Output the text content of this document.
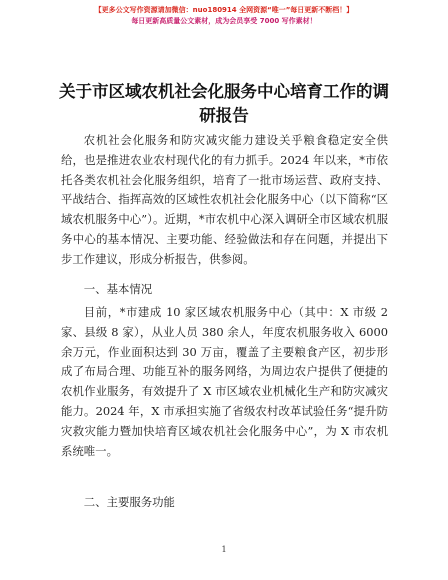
【更多公文写作资源请加微信：nuo180914 全网资源“唯一”每日更新不断档！】
每日更新高质量公文素材，成为会员享受 7000 写作素材！
关于市区域农机社会化服务中心培育工作的调研报告

农机社会化服务和防灾减灾能力建设关乎粮食稳定安全供给，也是推进农业农村现代化的有力抓手。2024 年以来，*市依托各类农机社会化服务组织，培育了一批市场运营、政府支持、平战结合、指挥高效的区域性农机社会化服务中心（以下简称“区域农机服务中心”）。近期，*市农机中心深入调研全市区域农机服务中心的基本情况、主要功能、经验做法和存在问题，并提出下步工作建议，形成分析报告，供参阅。

一、基本情况

目前，*市建成 10 家区域农机服务中心（其中：X 市级 2 家、县级 8 家），从业人员 380 余人，年度农机服务收入 6000 余万元，作业面积达到 30 万亩，覆盖了主要粮食产区，初步形成了布局合理、功能互补的服务网络，为周边农户提供了便捷的农机作业服务，有效提升了 X 市区域农业机械化生产和防灾减灾能力。2024 年，X 市承担实施了省级农村改革试验任务“提升防灾救灾能力暨加快培育区域农机社会化服务中心”，为 X 市农机系统唯一。

二、主要服务功能

1
